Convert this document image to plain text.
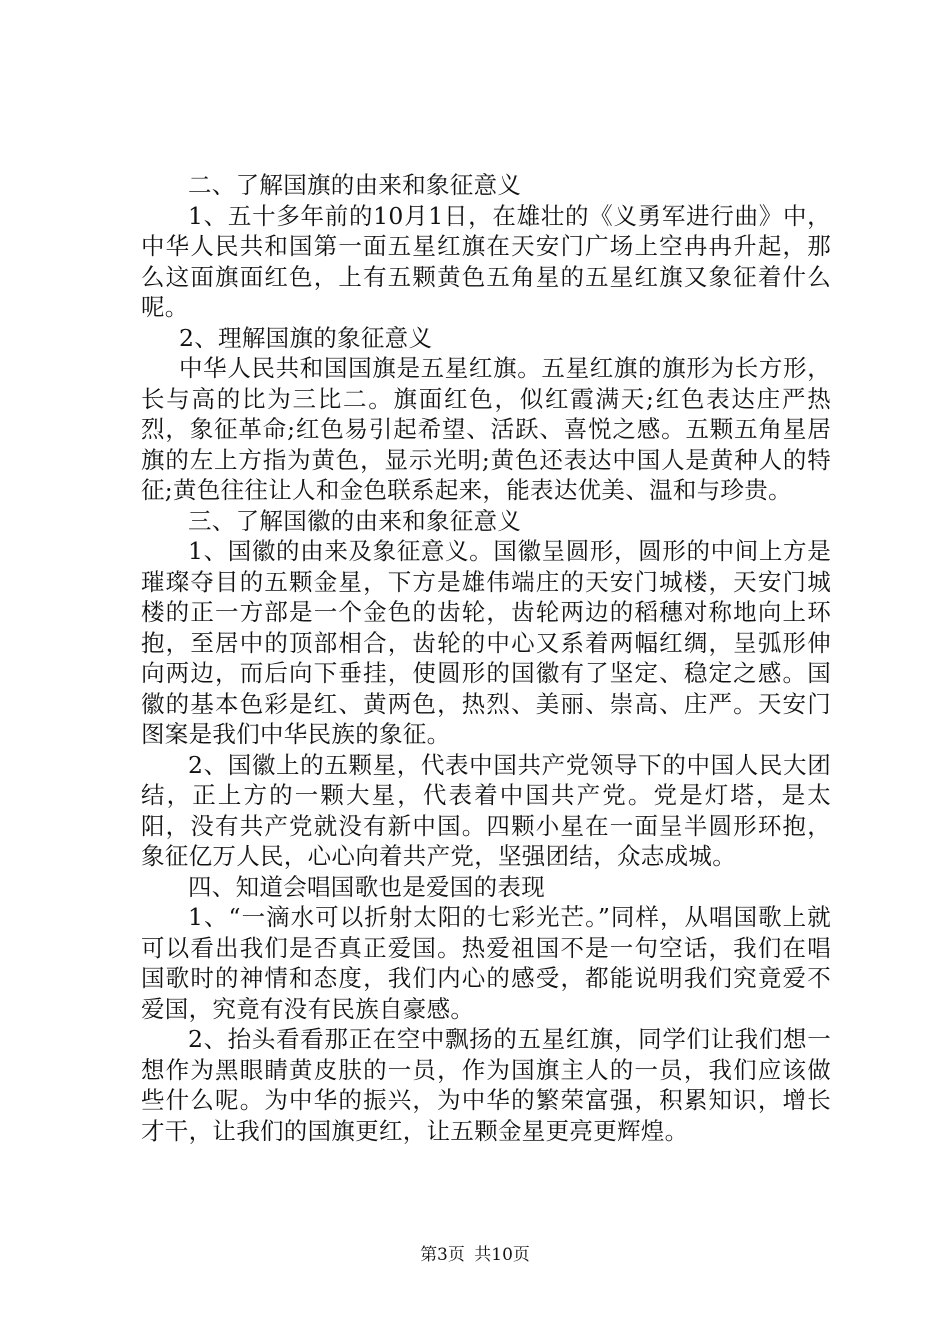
二、了解国旗的由来和象征意义

1、五十多年前的10月1日，在雄壮的《义勇军进行曲》中，中华人民共和国第一面五星红旗在天安门广场上空冉冉升起，那么这面旗面红色，上有五颗黄色五角星的五星红旗又象征着什么呢。

2、理解国旗的象征意义

中华人民共和国国旗是五星红旗。五星红旗的旗形为长方形，长与高的比为三比二。旗面红色，似红霞满天;红色表达庄严热烈，象征革命;红色易引起希望、活跃、喜悦之感。五颗五角星居旗的左上方指为黄色，显示光明;黄色还表达中国人是黄种人的特征;黄色往往让人和金色联系起来，能表达优美、温和与珍贵。

三、了解国徽的由来和象征意义

1、国徽的由来及象征意义。国徽呈圆形，圆形的中间上方是璀璨夺目的五颗金星，下方是雄伟端庄的天安门城楼，天安门城楼的正一方部是一个金色的齿轮，齿轮两边的稻穗对称地向上环抱，至居中的顶部相合，齿轮的中心又系着两幅红绸，呈弧形伸向两边，而后向下垂挂，使圆形的国徽有了坚定、稳定之感。国徽的基本色彩是红、黄两色，热烈、美丽、崇高、庄严。天安门图案是我们中华民族的象征。

2、国徽上的五颗星，代表中国共产党领导下的中国人民大团结，正上方的一颗大星，代表着中国共产党。党是灯塔，是太阳，没有共产党就没有新中国。四颗小星在一面呈半圆形环抱，象征亿万人民，心心向着共产党，坚强团结，众志成城。

四、知道会唱国歌也是爱国的表现

1、“一滴水可以折射太阳的七彩光芒。”同样，从唱国歌上就可以看出我们是否真正爱国。热爱祖国不是一句空话，我们在唱国歌时的神情和态度，我们内心的感受，都能说明我们究竟爱不爱国，究竟有没有民族自豪感。

2、抬头看看那正在空中飘扬的五星红旗，同学们让我们想一想作为黑眼睛黄皮肤的一员，作为国旗主人的一员，我们应该做些什么呢。为中华的振兴，为中华的繁荣富强，积累知识，增长才干，让我们的国旗更红，让五颗金星更亮更辉煌。

第3页 共10页
